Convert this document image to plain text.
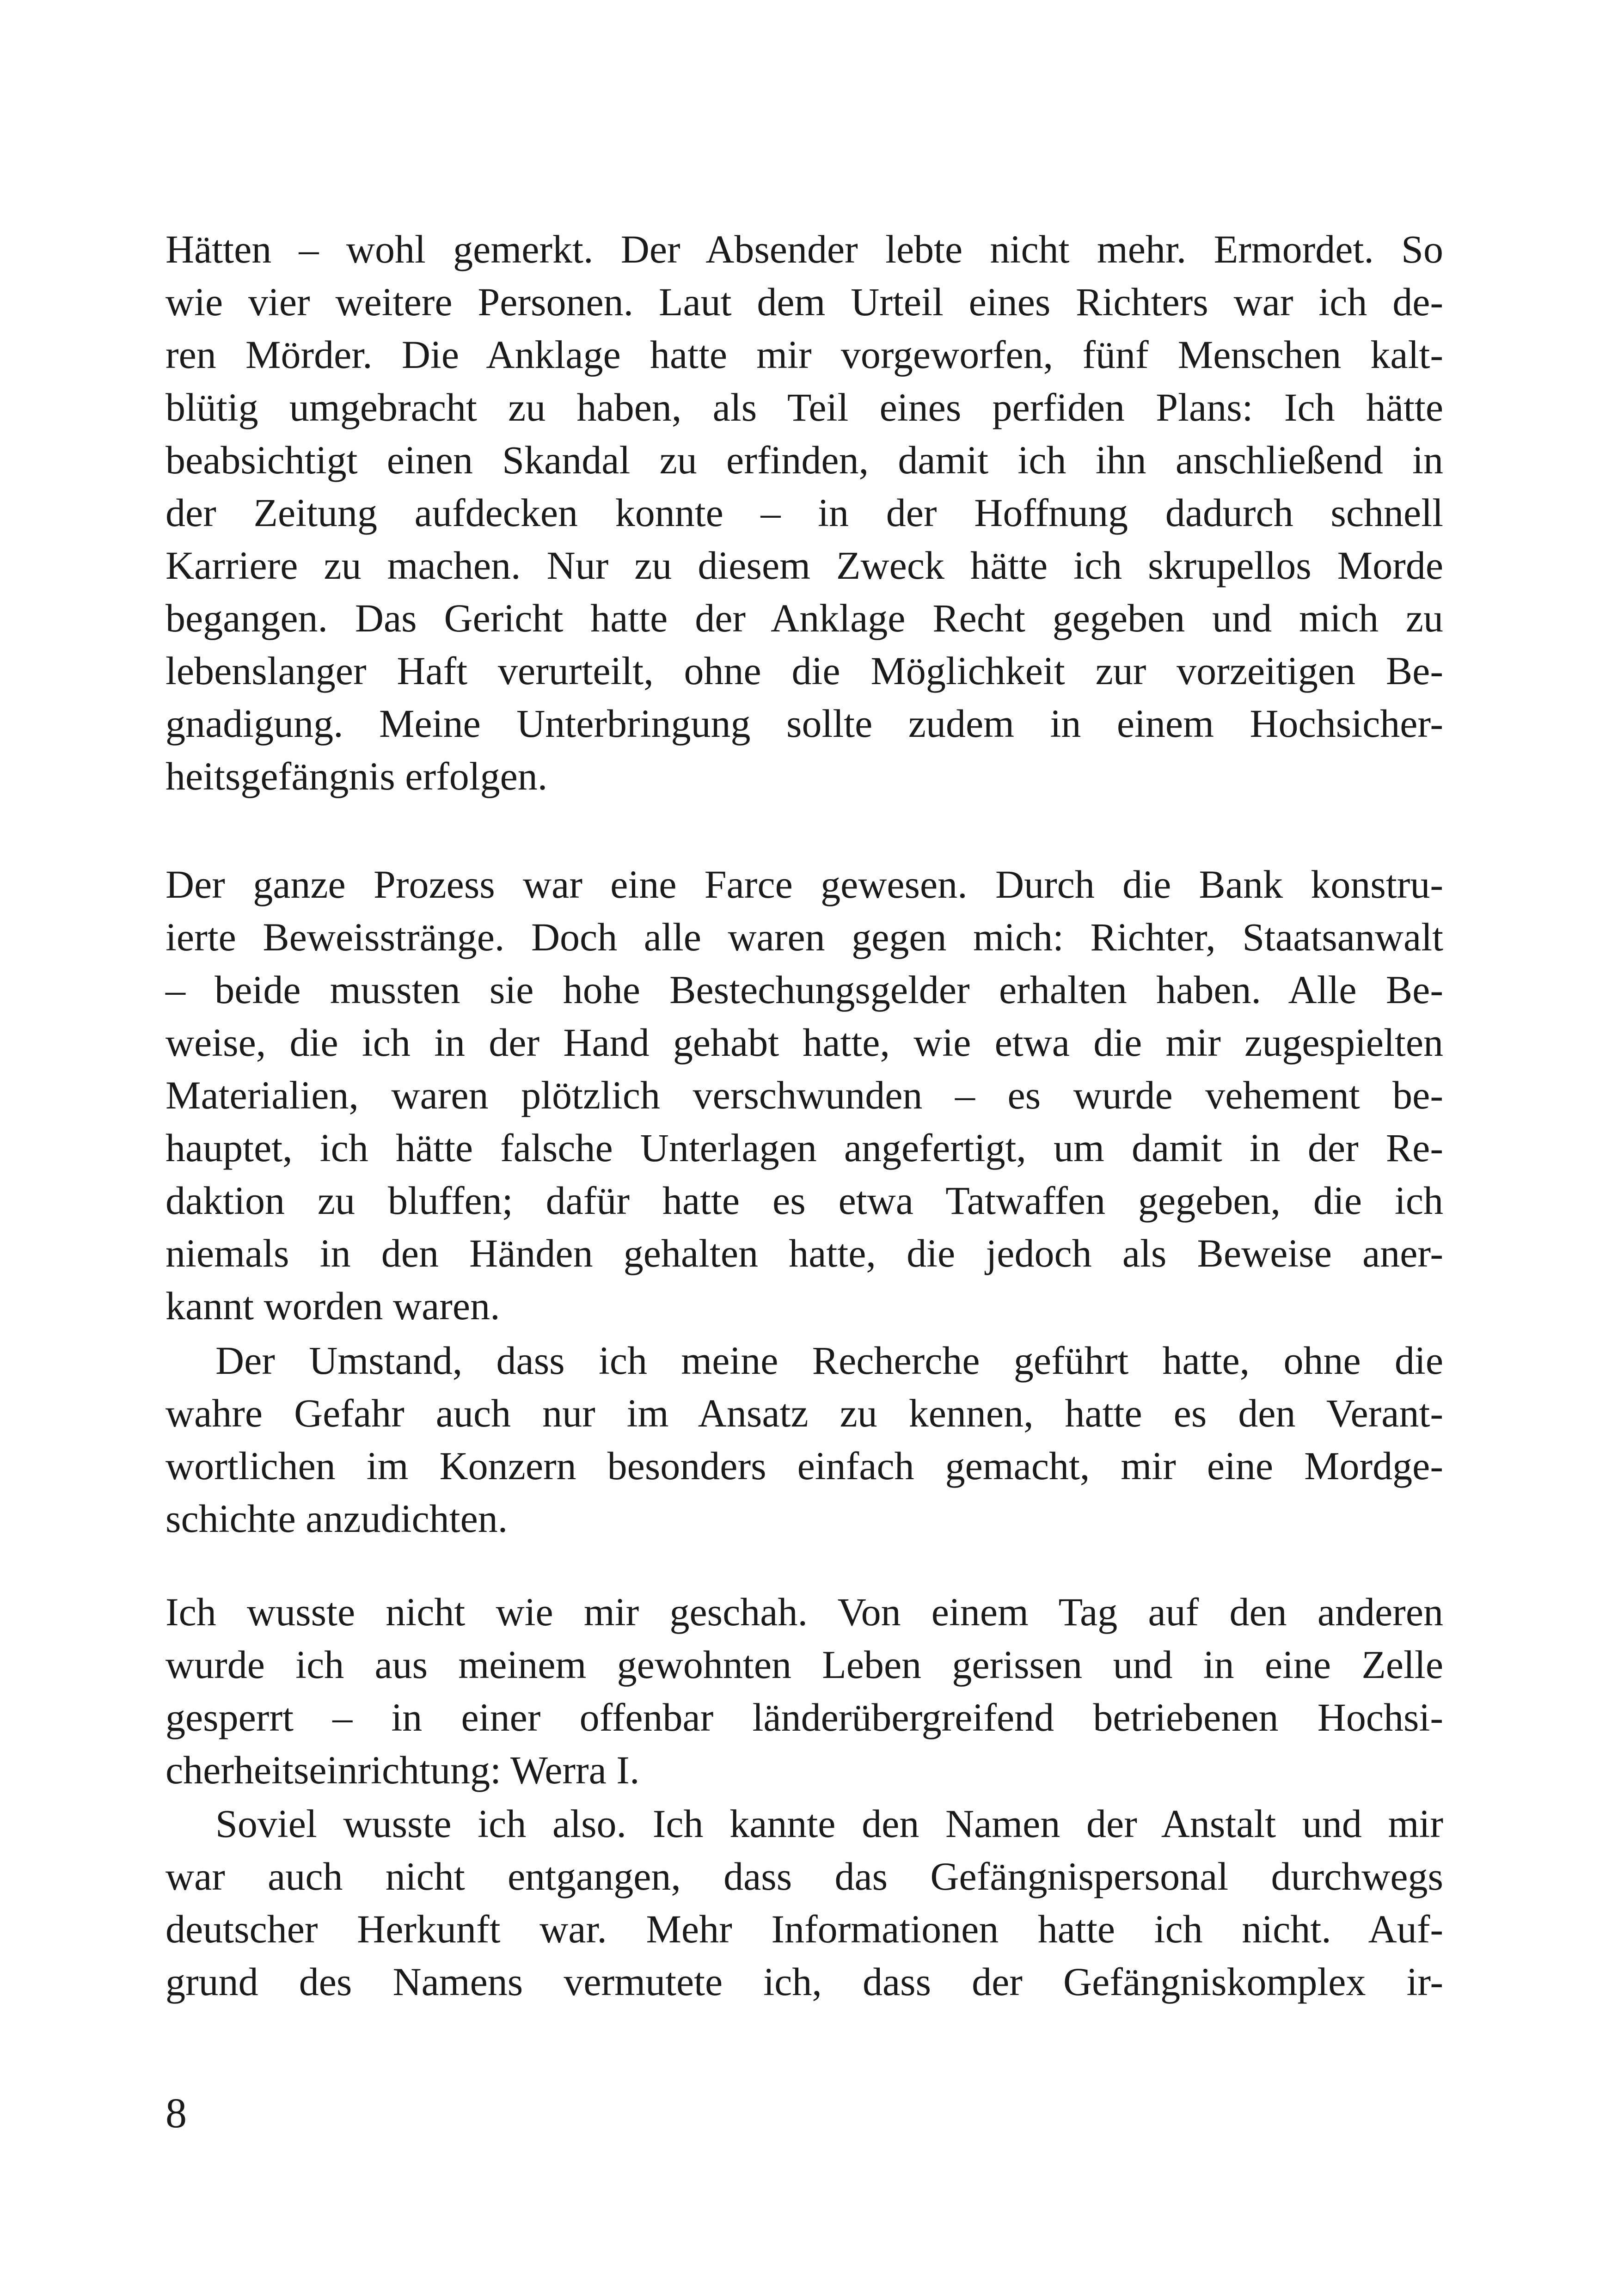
Hätten – wohl gemerkt. Der Absender lebte nicht mehr. Ermordet. So
wie vier weitere Personen. Laut dem Urteil eines Richters war ich de-
ren Mörder. Die Anklage hatte mir vorgeworfen, fünf Menschen kalt-
blütig umgebracht zu haben, als Teil eines perfiden Plans: Ich hätte
beabsichtigt einen Skandal zu erfinden, damit ich ihn anschließend in
der Zeitung aufdecken konnte – in der Hoffnung dadurch schnell
Karriere zu machen. Nur zu diesem Zweck hätte ich skrupellos Morde
begangen. Das Gericht hatte der Anklage Recht gegeben und mich zu
lebenslanger Haft verurteilt, ohne die Möglichkeit zur vorzeitigen Be-
gnadigung. Meine Unterbringung sollte zudem in einem Hochsicher-
heitsgefängnis erfolgen.
Der ganze Prozess war eine Farce gewesen. Durch die Bank konstru-
ierte Beweisstränge. Doch alle waren gegen mich: Richter, Staatsanwalt
– beide mussten sie hohe Bestechungsgelder erhalten haben. Alle Be-
weise, die ich in der Hand gehabt hatte, wie etwa die mir zugespielten
Materialien, waren plötzlich verschwunden – es wurde vehement be-
hauptet, ich hätte falsche Unterlagen angefertigt, um damit in der Re-
daktion zu bluffen; dafür hatte es etwa Tatwaffen gegeben, die ich
niemals in den Händen gehalten hatte, die jedoch als Beweise aner-
kannt worden waren.
Der Umstand, dass ich meine Recherche geführt hatte, ohne die
wahre Gefahr auch nur im Ansatz zu kennen, hatte es den Verant-
wortlichen im Konzern besonders einfach gemacht, mir eine Mordge-
schichte anzudichten.
Ich wusste nicht wie mir geschah. Von einem Tag auf den anderen
wurde ich aus meinem gewohnten Leben gerissen und in eine Zelle
gesperrt – in einer offenbar länderübergreifend betriebenen Hochsi-
cherheitseinrichtung: Werra I.
Soviel wusste ich also. Ich kannte den Namen der Anstalt und mir
war auch nicht entgangen, dass das Gefängnispersonal durchwegs
deutscher Herkunft war. Mehr Informationen hatte ich nicht. Auf-
grund des Namens vermutete ich, dass der Gefängniskomplex ir-
8
